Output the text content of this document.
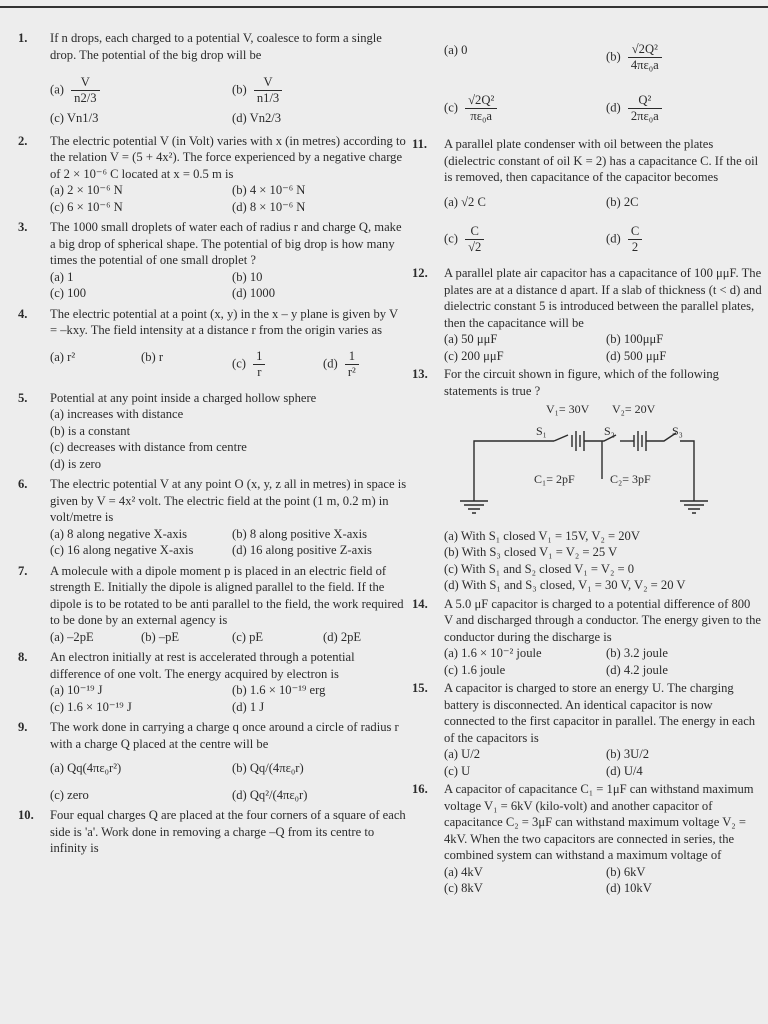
1. If n drops, each charged to a potential V, coalesce to form a single drop. The potential of the big drop will be
$(a) \frac{V}{n2/3}$	$(b) \frac{V}{n1/3}$
(c) Vn1/3	(d) Vn2/3
2. The electric potential V (in Volt) varies with x (in metres) according to the relation V = (5 + 4x²). The force experienced by a negative charge of 2 × 10⁻⁶ C located at x = 0.5 m is
(a) 2 × 10⁻⁶ N	(b) 4 × 10⁻⁶ N
(c) 6 × 10⁻⁶ N	(d) 8 × 10⁻⁶ N
3. The 1000 small droplets of water each of radius r and charge Q, make a big drop of spherical shape. The potential of big drop is how many times the potential of one small droplet ?
(a) 1	(b) 10
(c) 100	(d) 1000
4. The electric potential at a point (x, y) in the x – y plane is given by V = –kxy. The field intensity at a distance r from the origin varies as
(a) r²	(b) r	$(c) \frac{1}{r}$	$(d) \frac{1}{\text{r²}}$
5. Potential at any point inside a charged hollow sphere
(a) increases with distance
(b) is a constant
(c) decreases with distance from centre
(d) is zero
6. The electric potential V at any point O (x, y, z all in metres) in space is given by V = 4x² volt. The electric field at the point (1 m, 0.2 m) in volt/metre is
(a) 8 along negative X-axis	(b) 8 along positive X-axis
(c) 16 along negative X-axis	(d) 16 along positive Z-axis
7. A molecule with a dipole moment p is placed in an electric field of strength E. Initially the dipole is aligned parallel to the field. If the dipole is to be rotated to be anti parallel to the field, the work required to be done by an external agency is
(a) –2pE	(b) –pE	(c) pE	(d) 2pE
8. An electron initially at rest is accelerated through a potential difference of one volt. The energy acquired by electron is
(a) 10⁻¹⁹ J	(b) 1.6 × 10⁻¹⁹ erg
(c) 1.6 × 10⁻¹⁹ J	(d) 1 J
9. The work done in carrying a charge q once around a circle of radius r with a charge Q placed at the centre will be
(a) Qq(4πε₀r²)	(b) Qq/(4πε₀r)
(c) zero	(d) Qq²/(4πε₀r)
10. Four equal charges Q are placed at the four corners of a square of each side is 'a'. Work done in removing a charge –Q from its centre to infinity is
(a) 0	$(b) \frac{\text{√2Q²}}{\text{4πε₀a}}$
$(c) \frac{\text{√2Q²}}{\text{πε₀a}}$	$(d) \frac{\text{Q²}}{\text{2πε₀a}}$
11. A parallel plate condenser with oil between the plates (dielectric constant of oil K = 2) has a capacitance C. If the oil is removed, then capacitance of the capacitor becomes
(a) √2 C	(b) 2C
$(c) \frac{C}{√2}$	$(d) \frac{C}{2}$
12. A parallel plate air capacitor has a capacitance of 100 μμF. The plates are at a distance d apart. If a slab of thickness (t < d) and dielectric constant 5 is introduced between the parallel plates, then the capacitance will be
(a) 50 μμF	(b) 100μμF
(c) 200 μμF	(d) 500 μμF
13. For the circuit shown in figure, which of the following statements is true ?
V₁= 30V V₂= 20V
S₁	S₂	S₃
C₁= 2pF	C₂= 3pF
(a) With S₁ closed V₁ = 15V, V₂ = 20V
(b) With S₃ closed V₁ = V₂ = 25 V
(c) With S₁ and S₂ closed V₁ = V₂ = 0
(d) With S₁ and S₃ closed, V₁ = 30 V, V₂ = 20 V
14. A 5.0 μF capacitor is charged to a potential difference of 800 V and discharged through a conductor. The energy given to the conductor during the discharge is
(a) 1.6 × 10⁻² joule	(b) 3.2 joule
(c) 1.6 joule	(d) 4.2 joule
15. A capacitor is charged to store an energy U. The charging battery is disconnected. An identical capacitor is now connected to the first capacitor in parallel. The energy in each of the capacitors is
(a) U/2	(b) 3U/2
(c) U	(d) U/4
16. A capacitor of capacitance C₁ = 1μF can withstand maximum voltage V₁ = 6kV (kilo-volt) and another capacitor of capacitance C₂ = 3μF can withstand maximum voltage V₂ = 4kV. When the two capacitors are connected in series, the combined system can withstand a maximum voltage of
(a) 4kV	(b) 6kV
(c) 8kV	(d) 10kV
